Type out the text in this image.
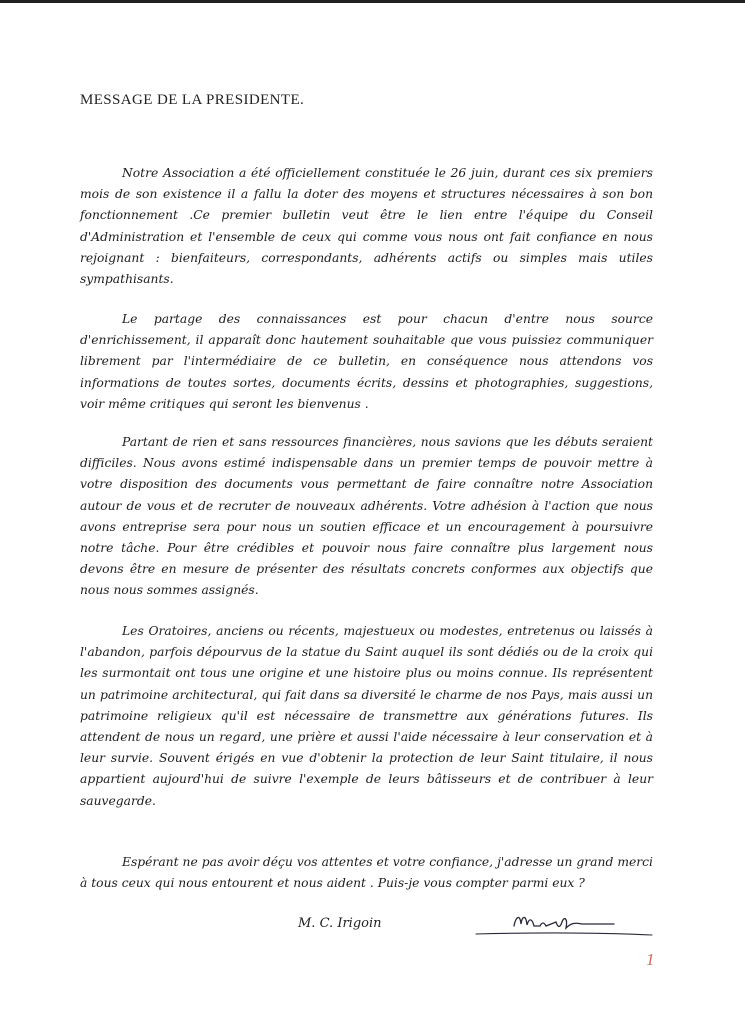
MESSAGE DE LA PRESIDENTE.
Notre Association a été officiellement constituée le 26 juin, durant ces six premiers mois de son existence il a fallu la doter des moyens et structures nécessaires à son bon fonctionnement .Ce premier bulletin veut être le lien entre l'équipe du Conseil d'Administration et l'ensemble de ceux qui comme vous nous ont fait confiance en nous rejoignant : bienfaiteurs, correspondants, adhérents actifs ou simples mais utiles sympathisants.
Le partage des connaissances est pour chacun d'entre nous source d'enrichissement, il apparaît donc hautement souhaitable que vous puissiez communiquer librement par l'intermédiaire de ce bulletin, en conséquence nous attendons vos informations de toutes sortes, documents écrits, dessins et photographies, suggestions, voir même critiques qui seront les bienvenus .
Partant de rien et sans ressources financières, nous savions que les débuts seraient difficiles. Nous avons estimé indispensable dans un premier temps de pouvoir mettre à votre disposition des documents vous permettant de faire connaître notre Association autour de vous et de recruter de nouveaux adhérents. Votre adhésion à l'action que nous avons entreprise sera pour nous un soutien efficace et un encouragement à poursuivre notre tâche. Pour être crédibles et pouvoir nous faire connaître plus largement nous devons être en mesure de présenter des résultats concrets conformes aux objectifs que nous nous sommes assignés.
Les Oratoires, anciens ou récents, majestueux ou modestes, entretenus ou laissés à l'abandon, parfois dépourvus de la statue du Saint auquel ils sont dédiés ou de la croix qui les surmontait ont tous une origine et une histoire plus ou moins connue. Ils représentent un patrimoine architectural, qui fait dans sa diversité le charme de nos Pays, mais aussi un patrimoine religieux qu'il est nécessaire de transmettre aux générations futures. Ils attendent de nous un regard, une prière et aussi l'aide nécessaire à leur conservation et à leur survie. Souvent érigés en vue d'obtenir la protection de leur Saint titulaire, il nous appartient aujourd'hui de suivre l'exemple de leurs bâtisseurs et de contribuer à leur sauvegarde.
Espérant ne pas avoir déçu vos attentes et votre confiance, j'adresse un grand merci à tous ceux qui nous entourent et nous aident . Puis-je vous compter parmi eux ?
M. C. Irigoin
1
